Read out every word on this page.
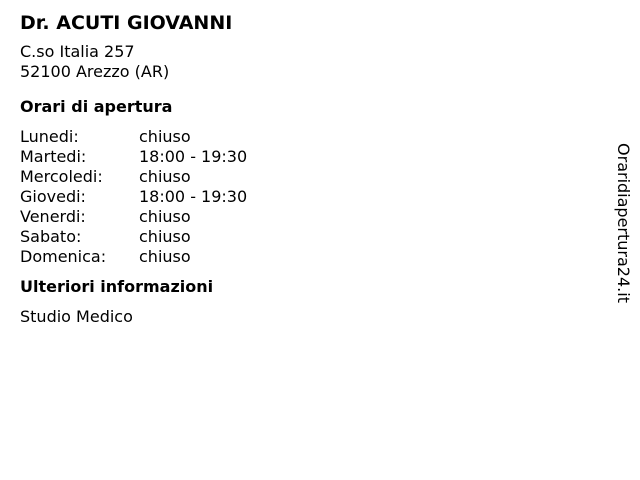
Dr. ACUTI GIOVANNI
C.so Italia 257
52100 Arezzo (AR)
Orari di apertura
Lunedi:	chiuso
Martedi:	18:00 - 19:30
Mercoledi:	chiuso
Giovedi:	18:00 - 19:30
Venerdi:	chiuso
Sabato:	chiuso
Domenica:	chiuso
Ulteriori informazioni
Studio Medico
Oraridiapertura24.it
